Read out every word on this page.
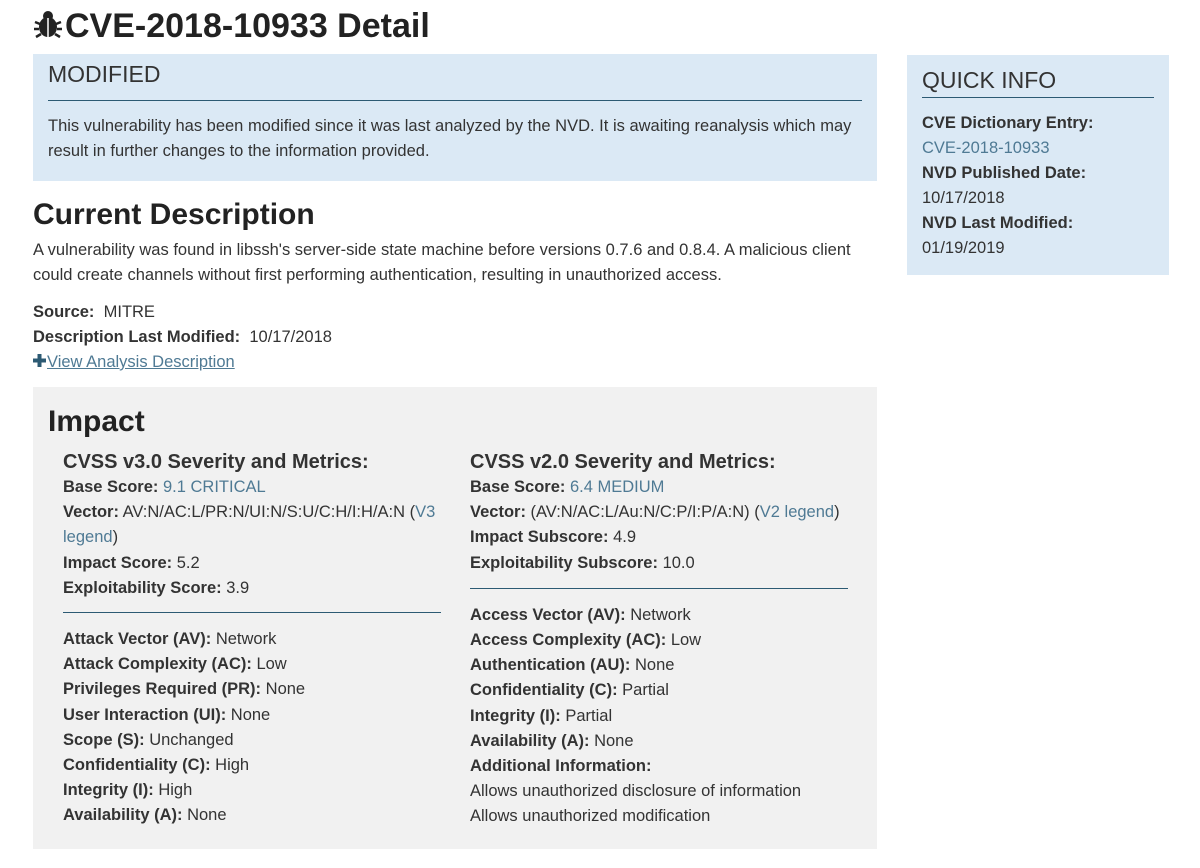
CVE-2018-10933 Detail
MODIFIED
This vulnerability has been modified since it was last analyzed by the NVD. It is awaiting reanalysis which may result in further changes to the information provided.
QUICK INFO
CVE Dictionary Entry:
CVE-2018-10933
NVD Published Date:
10/17/2018
NVD Last Modified:
01/19/2019
Current Description
A vulnerability was found in libssh's server-side state machine before versions 0.7.6 and 0.8.4. A malicious client could create channels without first performing authentication, resulting in unauthorized access.
Source: MITRE
Description Last Modified: 10/17/2018
View Analysis Description
Impact
CVSS v3.0 Severity and Metrics:
Base Score: 9.1 CRITICAL
Vector: AV:N/AC:L/PR:N/UI:N/S:U/C:H/I:H/A:N (V3 legend)
Impact Score: 5.2
Exploitability Score: 3.9
Attack Vector (AV): Network
Attack Complexity (AC): Low
Privileges Required (PR): None
User Interaction (UI): None
Scope (S): Unchanged
Confidentiality (C): High
Integrity (I): High
Availability (A): None
CVSS v2.0 Severity and Metrics:
Base Score: 6.4 MEDIUM
Vector: (AV:N/AC:L/Au:N/C:P/I:P/A:N) (V2 legend)
Impact Subscore: 4.9
Exploitability Subscore: 10.0
Access Vector (AV): Network
Access Complexity (AC): Low
Authentication (AU): None
Confidentiality (C): Partial
Integrity (I): Partial
Availability (A): None
Additional Information:
Allows unauthorized disclosure of information
Allows unauthorized modification
